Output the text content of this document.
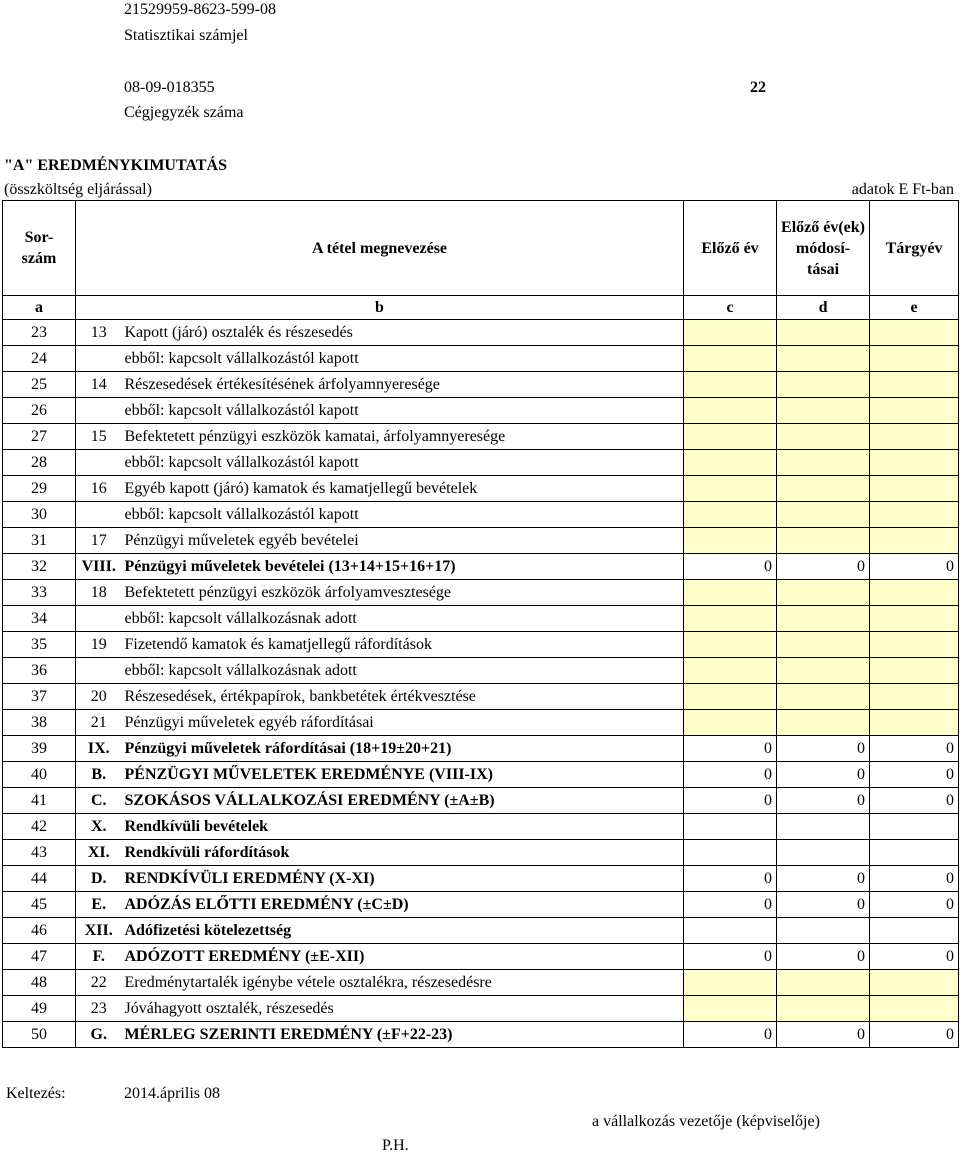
21529959-8623-599-08
Statisztikai számjel
08-09-018355	22
Cégjegyzék száma
"A" EREDMÉNYKIMUTATÁS
(összköltség eljárással)	adatok E Ft-ban
Sor- szám	A tétel megnevezése		Előző év	Előző év(ek) módosí- tásai	Tárgyév
a	b		c	d	e
23	13	Kapott (járó) osztalék és részesedés			
24		ebből: kapcsolt vállalkozástól kapott			
25	14	Részesedések értékesítésének árfolyamnyeresége			
26		ebből: kapcsolt vállalkozástól kapott			
27	15	Befektetett pénzügyi eszközök kamatai, árfolyamnyeresége			
28		ebből: kapcsolt vállalkozástól kapott			
29	16	Egyéb kapott (járó) kamatok és kamatjellegű bevételek			
30		ebből: kapcsolt vállalkozástól kapott			
31	17	Pénzügyi műveletek egyéb bevételei			
32	VIII.	Pénzügyi műveletek bevételei (13+14+15+16+17)	0	0	0
33	18	Befektetett pénzügyi eszközök árfolyamvesztesége			
34		ebből: kapcsolt vállalkozásnak adott			
35	19	Fizetendő kamatok és kamatjellegű ráfordítások			
36		ebből: kapcsolt vállalkozásnak adott			
37	20	Részesedések, értékpapírok, bankbetétek értékvesztése			
38	21	Pénzügyi műveletek egyéb ráfordításai			
39	IX.	Pénzügyi műveletek ráfordításai (18+19±20+21)	0	0	0
40	B.	PÉNZÜGYI MŰVELETEK EREDMÉNYE (VIII-IX)	0	0	0
41	C.	SZOKÁSOS VÁLLALKOZÁSI EREDMÉNY (±A±B)	0	0	0
42	X.	Rendkívüli bevételek			
43	XI.	Rendkívüli ráfordítások			
44	D.	RENDKÍVÜLI EREDMÉNY (X-XI)	0	0	0
45	E.	ADÓZÁS ELŐTTI EREDMÉNY (±C±D)	0	0	0
46	XII.	Adófizetési kötelezettség			
47	F.	ADÓZOTT EREDMÉNY (±E-XII)	0	0	0
48	22	Eredménytartalék igénybe vétele osztalékra, részesedésre			
49	23	Jóváhagyott osztalék, részesedés			
50	G.	MÉRLEG SZERINTI EREDMÉNY (±F+22-23)	0	0	0
Keltezés:	2014.április 08
a vállalkozás vezetője (képviselője)
P.H.
